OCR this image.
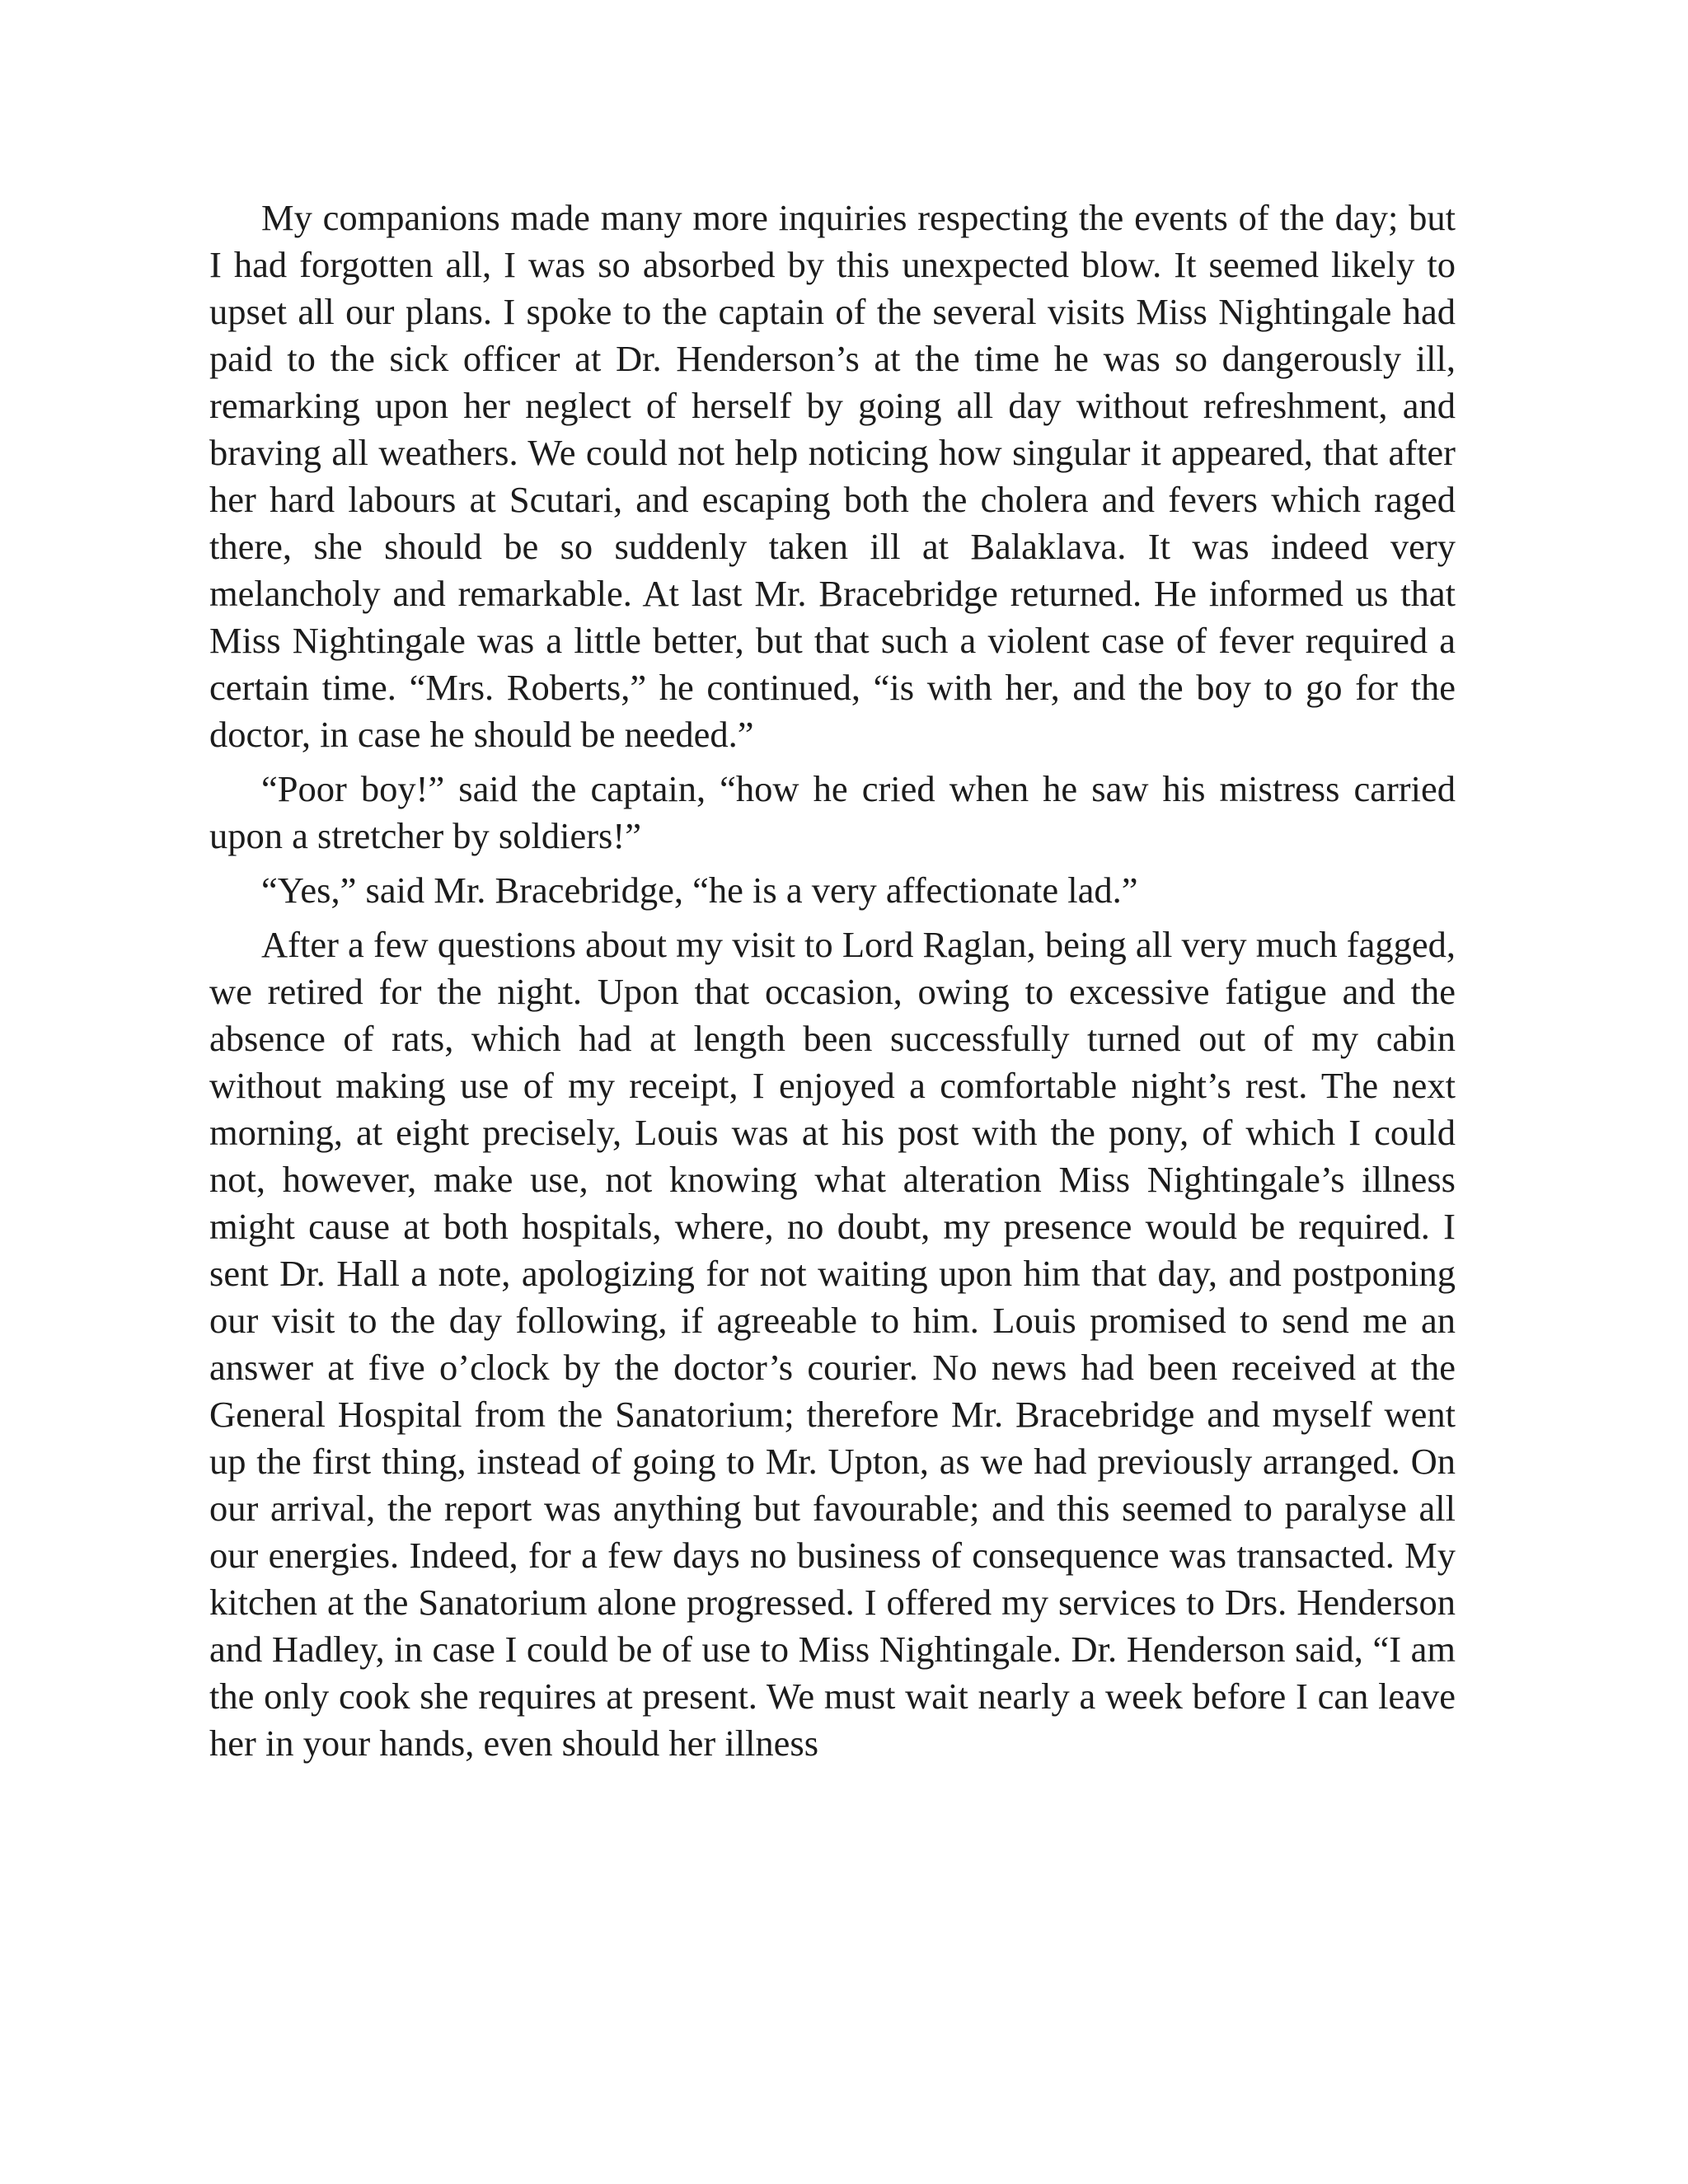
My companions made many more inquiries respecting the events of the day; but I had forgotten all, I was so absorbed by this unexpected blow. It seemed likely to upset all our plans. I spoke to the captain of the several visits Miss Nightingale had paid to the sick officer at Dr. Henderson’s at the time he was so dangerously ill, remarking upon her neglect of herself by going all day without refreshment, and braving all weathers. We could not help noticing how singular it appeared, that after her hard labours at Scutari, and escaping both the cholera and fevers which raged there, she should be so suddenly taken ill at Balaklava. It was indeed very melancholy and remarkable. At last Mr. Bracebridge returned. He informed us that Miss Nightingale was a little better, but that such a violent case of fever required a certain time. “Mrs. Roberts,” he continued, “is with her, and the boy to go for the doctor, in case he should be needed.”

“Poor boy!” said the captain, “how he cried when he saw his mistress carried upon a stretcher by soldiers!”

“Yes,” said Mr. Bracebridge, “he is a very affectionate lad.”

After a few questions about my visit to Lord Raglan, being all very much fagged, we retired for the night. Upon that occasion, owing to excessive fatigue and the absence of rats, which had at length been successfully turned out of my cabin without making use of my receipt, I enjoyed a comfortable night’s rest. The next morning, at eight precisely, Louis was at his post with the pony, of which I could not, however, make use, not knowing what alteration Miss Nightingale’s illness might cause at both hospitals, where, no doubt, my presence would be required. I sent Dr. Hall a note, apologizing for not waiting upon him that day, and postponing our visit to the day following, if agreeable to him. Louis promised to send me an answer at five o’clock by the doctor’s courier. No news had been received at the General Hospital from the Sanatorium; therefore Mr. Bracebridge and myself went up the first thing, instead of going to Mr. Upton, as we had previously arranged. On our arrival, the report was anything but favourable; and this seemed to paralyse all our energies. Indeed, for a few days no business of consequence was transacted. My kitchen at the Sanatorium alone progressed. I offered my services to Drs. Henderson and Hadley, in case I could be of use to Miss Nightingale. Dr. Henderson said, “I am the only cook she requires at present. We must wait nearly a week before I can leave her in your hands, even should her illness
